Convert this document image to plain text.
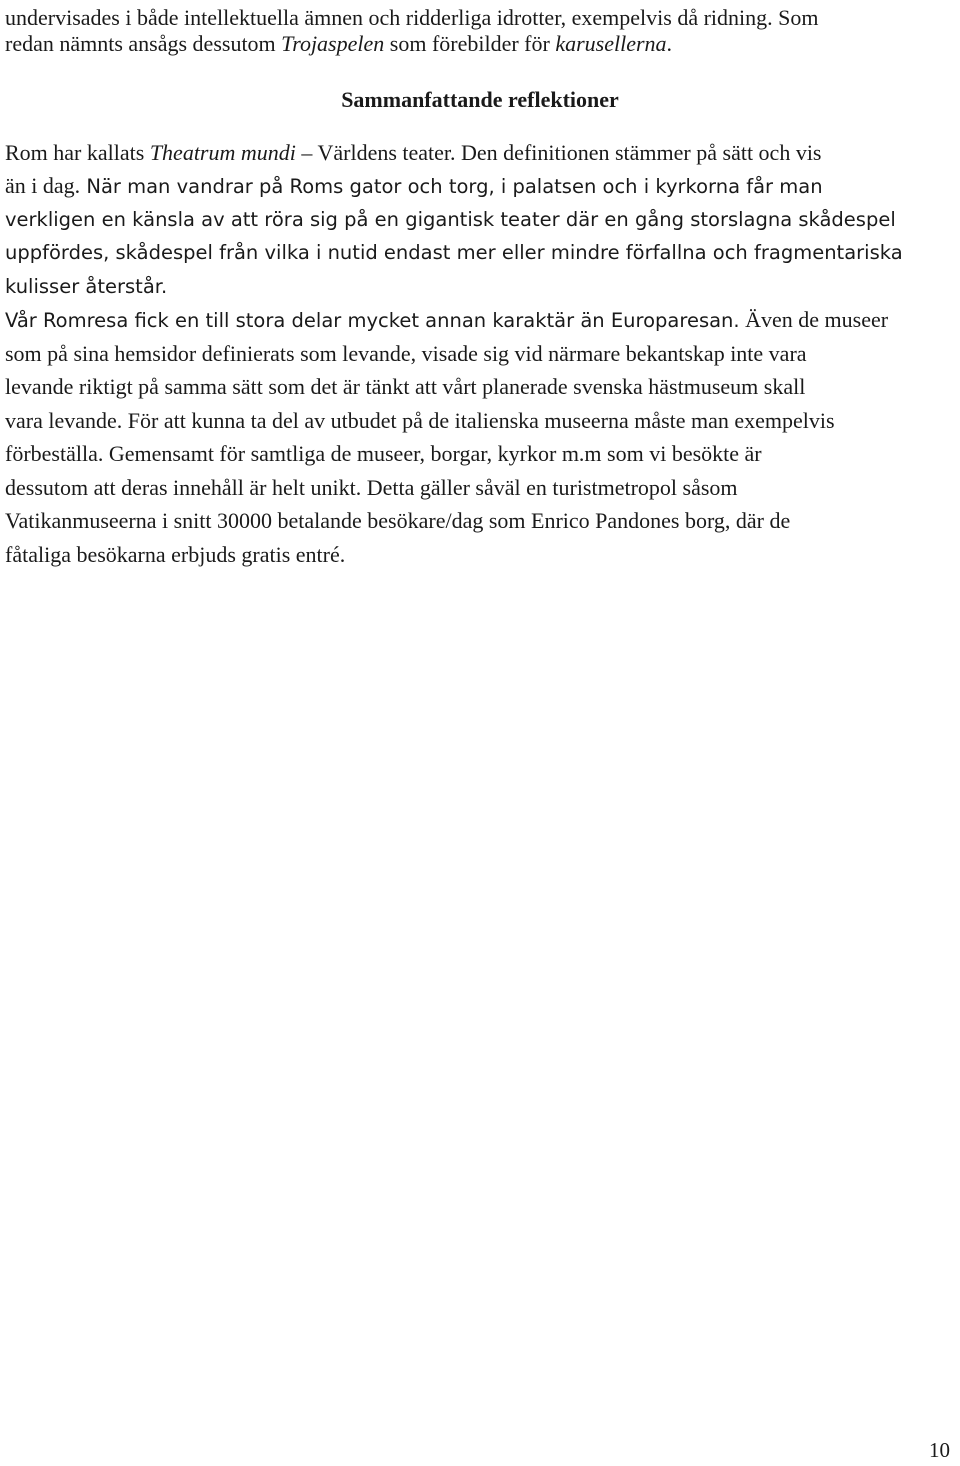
undervisades i både intellektuella ämnen och ridderliga idrotter, exempelvis då ridning. Som
redan nämnts ansågs dessutom Trojaspelen som förebilder för karusellerna.
Sammanfattande reflektioner
Rom har kallats Theatrum mundi – Världens teater. Den definitionen stämmer på sätt och vis
än i dag. När man vandrar på Roms gator och torg, i palatsen och i kyrkorna får man
verkligen en känsla av att röra sig på en gigantisk teater där en gång storslagna skådespel
uppfördes, skådespel från vilka i nutid endast mer eller mindre förfallna och fragmentariska
kulisser återstår.
Vår Romresa fick en till stora delar mycket annan karaktär än Europaresan. Även de museer
som på sina hemsidor definierats som levande, visade sig vid närmare bekantskap inte vara
levande riktigt på samma sätt som det är tänkt att vårt planerade svenska hästmuseum skall
vara levande. För att kunna ta del av utbudet på de italienska museerna måste man exempelvis
förbeställa. Gemensamt för samtliga de museer, borgar, kyrkor m.m som vi besökte är
dessutom att deras innehåll är helt unikt. Detta gäller såväl en turistmetropol såsom
Vatikanmuseerna i snitt 30000 betalande besökare/dag som Enrico Pandones borg, där de
fåtaliga besökarna erbjuds gratis entré.
10
